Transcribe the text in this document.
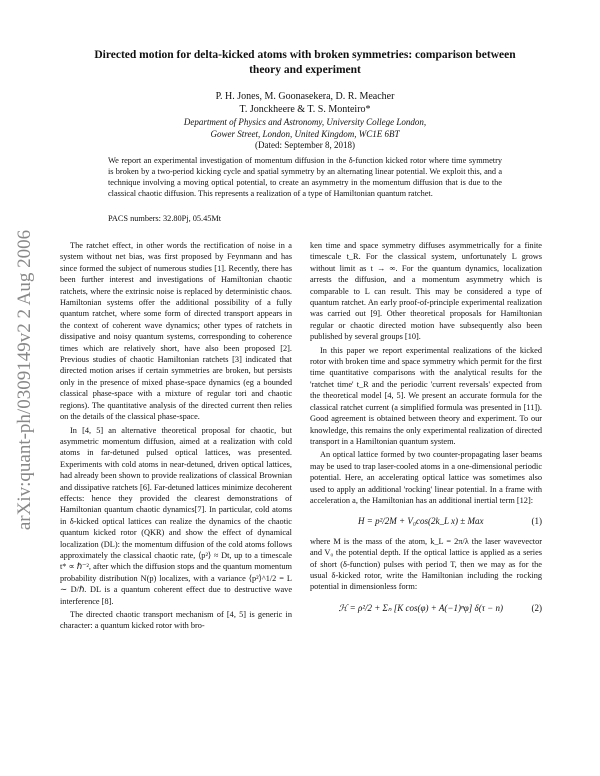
arXiv:quant-ph/0309149v2 2 Aug 2006
Directed motion for delta-kicked atoms with broken symmetries: comparison between
theory and experiment
P. H. Jones, M. Goonasekera, D. R. Meacher
T. Jonckheere & T. S. Monteiro*
Department of Physics and Astronomy, University College London,
Gower Street, London, United Kingdom, WC1E 6BT
(Dated: September 8, 2018)
We report an experimental investigation of momentum diffusion in the δ-function kicked rotor where time symmetry is broken by a two-period kicking cycle and spatial symmetry by an alternating linear potential. We exploit this, and a technique involving a moving optical potential, to create an asymmetry in the momentum diffusion that is due to the classical chaotic diffusion. This represents a realization of a type of Hamiltonian quantum ratchet.
PACS numbers: 32.80Pj, 05.45Mt

The ratchet effect, in other words the rectification of noise in a system without net bias, was first proposed by Feynmann and has since formed the subject of numerous studies [1]. Recently, there has been further interest and investigations of Hamiltonian chaotic ratchets, where the extrinsic noise is replaced by deterministic chaos. Hamiltonian systems offer the additional possibility of a fully quantum ratchet, where some form of directed transport appears in the context of coherent wave dynamics; other types of ratchets in dissipative and noisy quantum systems, corresponding to coherence times which are relatively short, have also been proposed [2]. Previous studies of chaotic Hamiltonian ratchets [3] indicated that directed motion arises if certain symmetries are broken, but persists only in the presence of mixed phase-space dynamics (eg a bounded classical phase-space with a mixture of regular tori and chaotic regions). The quantitative analysis of the directed current then relies on the details of the classical phase-space.

In [4, 5] an alternative theoretical proposal for chaotic, but asymmetric momentum diffusion, aimed at a realization with cold atoms in far-detuned pulsed optical lattices, was presented. Experiments with cold atoms in near-detuned, driven optical lattices, had already been shown to provide realizations of classical Brownian and dissipative ratchets [6]. Far-detuned lattices minimize decoherent effects: hence they provided the clearest demonstrations of Hamiltonian quantum chaotic dynamics[7]. In particular, cold atoms in δ-kicked optical lattices can realize the dynamics of the chaotic quantum kicked rotor (QKR) and show the effect of dynamical localization (DL): the momentum diffusion of the cold atoms follows approximately the classical chaotic rate, ⟨p²⟩ ≈ Dt, up to a timescale t* ∝ ℏ⁻², after which the diffusion stops and the quantum momentum probability distribution N(p) localizes, with a variance ⟨p²⟩^1/2 = L ∼ D/ℏ. DL is a quantum coherent effect due to destructive wave interference [8].

The directed chaotic transport mechanism of [4, 5] is generic in character: a quantum kicked rotor with bro-

ken time and space symmetry diffuses asymmetrically for a finite timescale t_R. For the classical system, unfortunately L grows without limit as t → ∞. For the quantum dynamics, localization arrests the diffusion, and a momentum asymmetry which is comparable to L can result. This may be considered a type of quantum ratchet. An early proof-of-principle experimental realization was carried out [9]. Other theoretical proposals for Hamiltonian regular or chaotic directed motion have subsequently also been published by several groups [10].

In this paper we report experimental realizations of the kicked rotor with broken time and space symmetry which permit for the first time quantitative comparisons with the analytical results for the 'ratchet time' t_R and the periodic 'current reversals' expected from the theoretical model [4, 5]. We present an accurate formula for the classical ratchet current (a simplified formula was presented in [11]). Good agreement is obtained between theory and experiment. To our knowledge, this remains the only experimental realization of directed transport in a Hamiltonian quantum system.

An optical lattice formed by two counter-propagating laser beams may be used to trap laser-cooled atoms in a one-dimensional periodic potential. Here, an accelerating optical lattice was sometimes also used to apply an additional 'rocking' linear potential. In a frame with acceleration a, the Hamiltonian has an additional inertial term [12]:

H = p²/2M + V₀cos(2k_L x) ± Max	(1)

where M is the mass of the atom, k_L = 2π/λ the laser wavevector and V₀ the potential depth. If the optical lattice is applied as a series of short (δ-function) pulses with period T, then we may as for the usual δ-kicked rotor, write the Hamiltonian including the rocking potential in dimensionless form:

ℋ = ρ²/2 + Σₙ [K cos(φ) + A(−1)ⁿφ] δ(τ − n)	(2)
